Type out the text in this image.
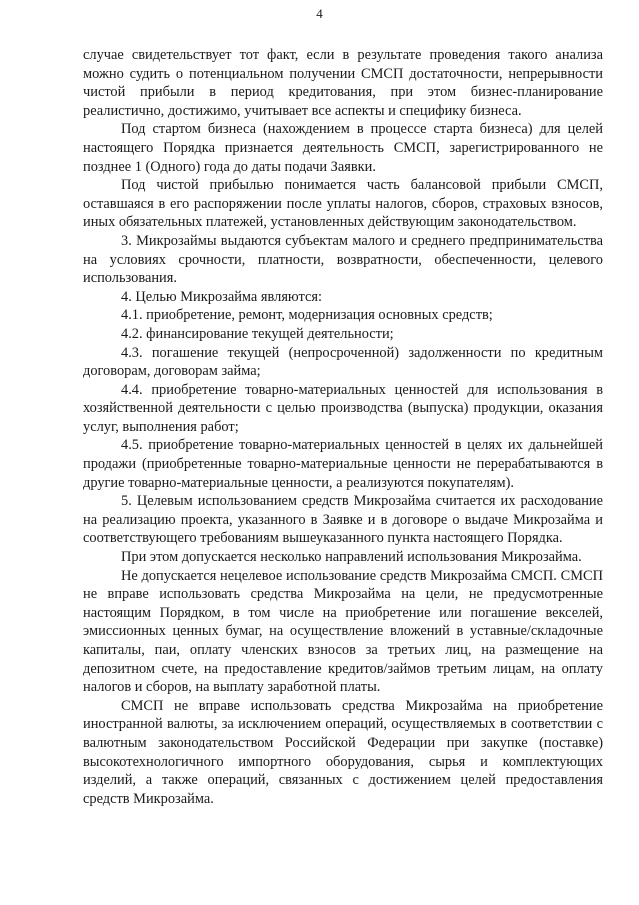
4

случае свидетельствует тот факт, если в результате проведения такого анализа можно судить о потенциальном получении СМСП достаточности, непрерывности чистой прибыли в период кредитования, при этом бизнес-планирование реалистично, достижимо, учитывает все аспекты и специфику бизнеса.

Под стартом бизнеса (нахождением в процессе старта бизнеса) для целей настоящего Порядка признается деятельность СМСП, зарегистрированного не позднее 1 (Одного) года до даты подачи Заявки.

Под чистой прибылью понимается часть балансовой прибыли СМСП, оставшаяся в его распоряжении после уплаты налогов, сборов, страховых взносов, иных обязательных платежей, установленных действующим законодательством.

3. Микрозаймы выдаются субъектам малого и среднего предпринимательства на условиях срочности, платности, возвратности, обеспеченности, целевого использования.

4. Целью Микрозайма являются:

4.1. приобретение, ремонт, модернизация основных средств;

4.2. финансирование текущей деятельности;

4.3. погашение текущей (непросроченной) задолженности по кредитным договорам, договорам займа;

4.4. приобретение товарно-материальных ценностей для использования в хозяйственной деятельности с целью производства (выпуска) продукции, оказания услуг, выполнения работ;

4.5. приобретение товарно-материальных ценностей в целях их дальнейшей продажи (приобретенные товарно-материальные ценности не перерабатываются в другие товарно-материальные ценности, а реализуются покупателям).

5. Целевым использованием средств Микрозайма считается их расходование на реализацию проекта, указанного в Заявке и в договоре о выдаче Микрозайма и соответствующего требованиям вышеуказанного пункта настоящего Порядка.

При этом допускается несколько направлений использования Микрозайма.

Не допускается нецелевое использование средств Микрозайма СМСП. СМСП не вправе использовать средства Микрозайма на цели, не предусмотренные настоящим Порядком, в том числе на приобретение или погашение векселей, эмиссионных ценных бумаг, на осуществление вложений в уставные/складочные капиталы, паи, оплату членских взносов за третьих лиц, на размещение на депозитном счете, на предоставление кредитов/займов третьим лицам, на оплату налогов и сборов, на выплату заработной платы.

СМСП не вправе использовать средства Микрозайма на приобретение иностранной валюты, за исключением операций, осуществляемых в соответствии с валютным законодательством Российской Федерации при закупке (поставке) высокотехнологичного импортного оборудования, сырья и комплектующих изделий, а также операций, связанных с достижением целей предоставления средств Микрозайма.
